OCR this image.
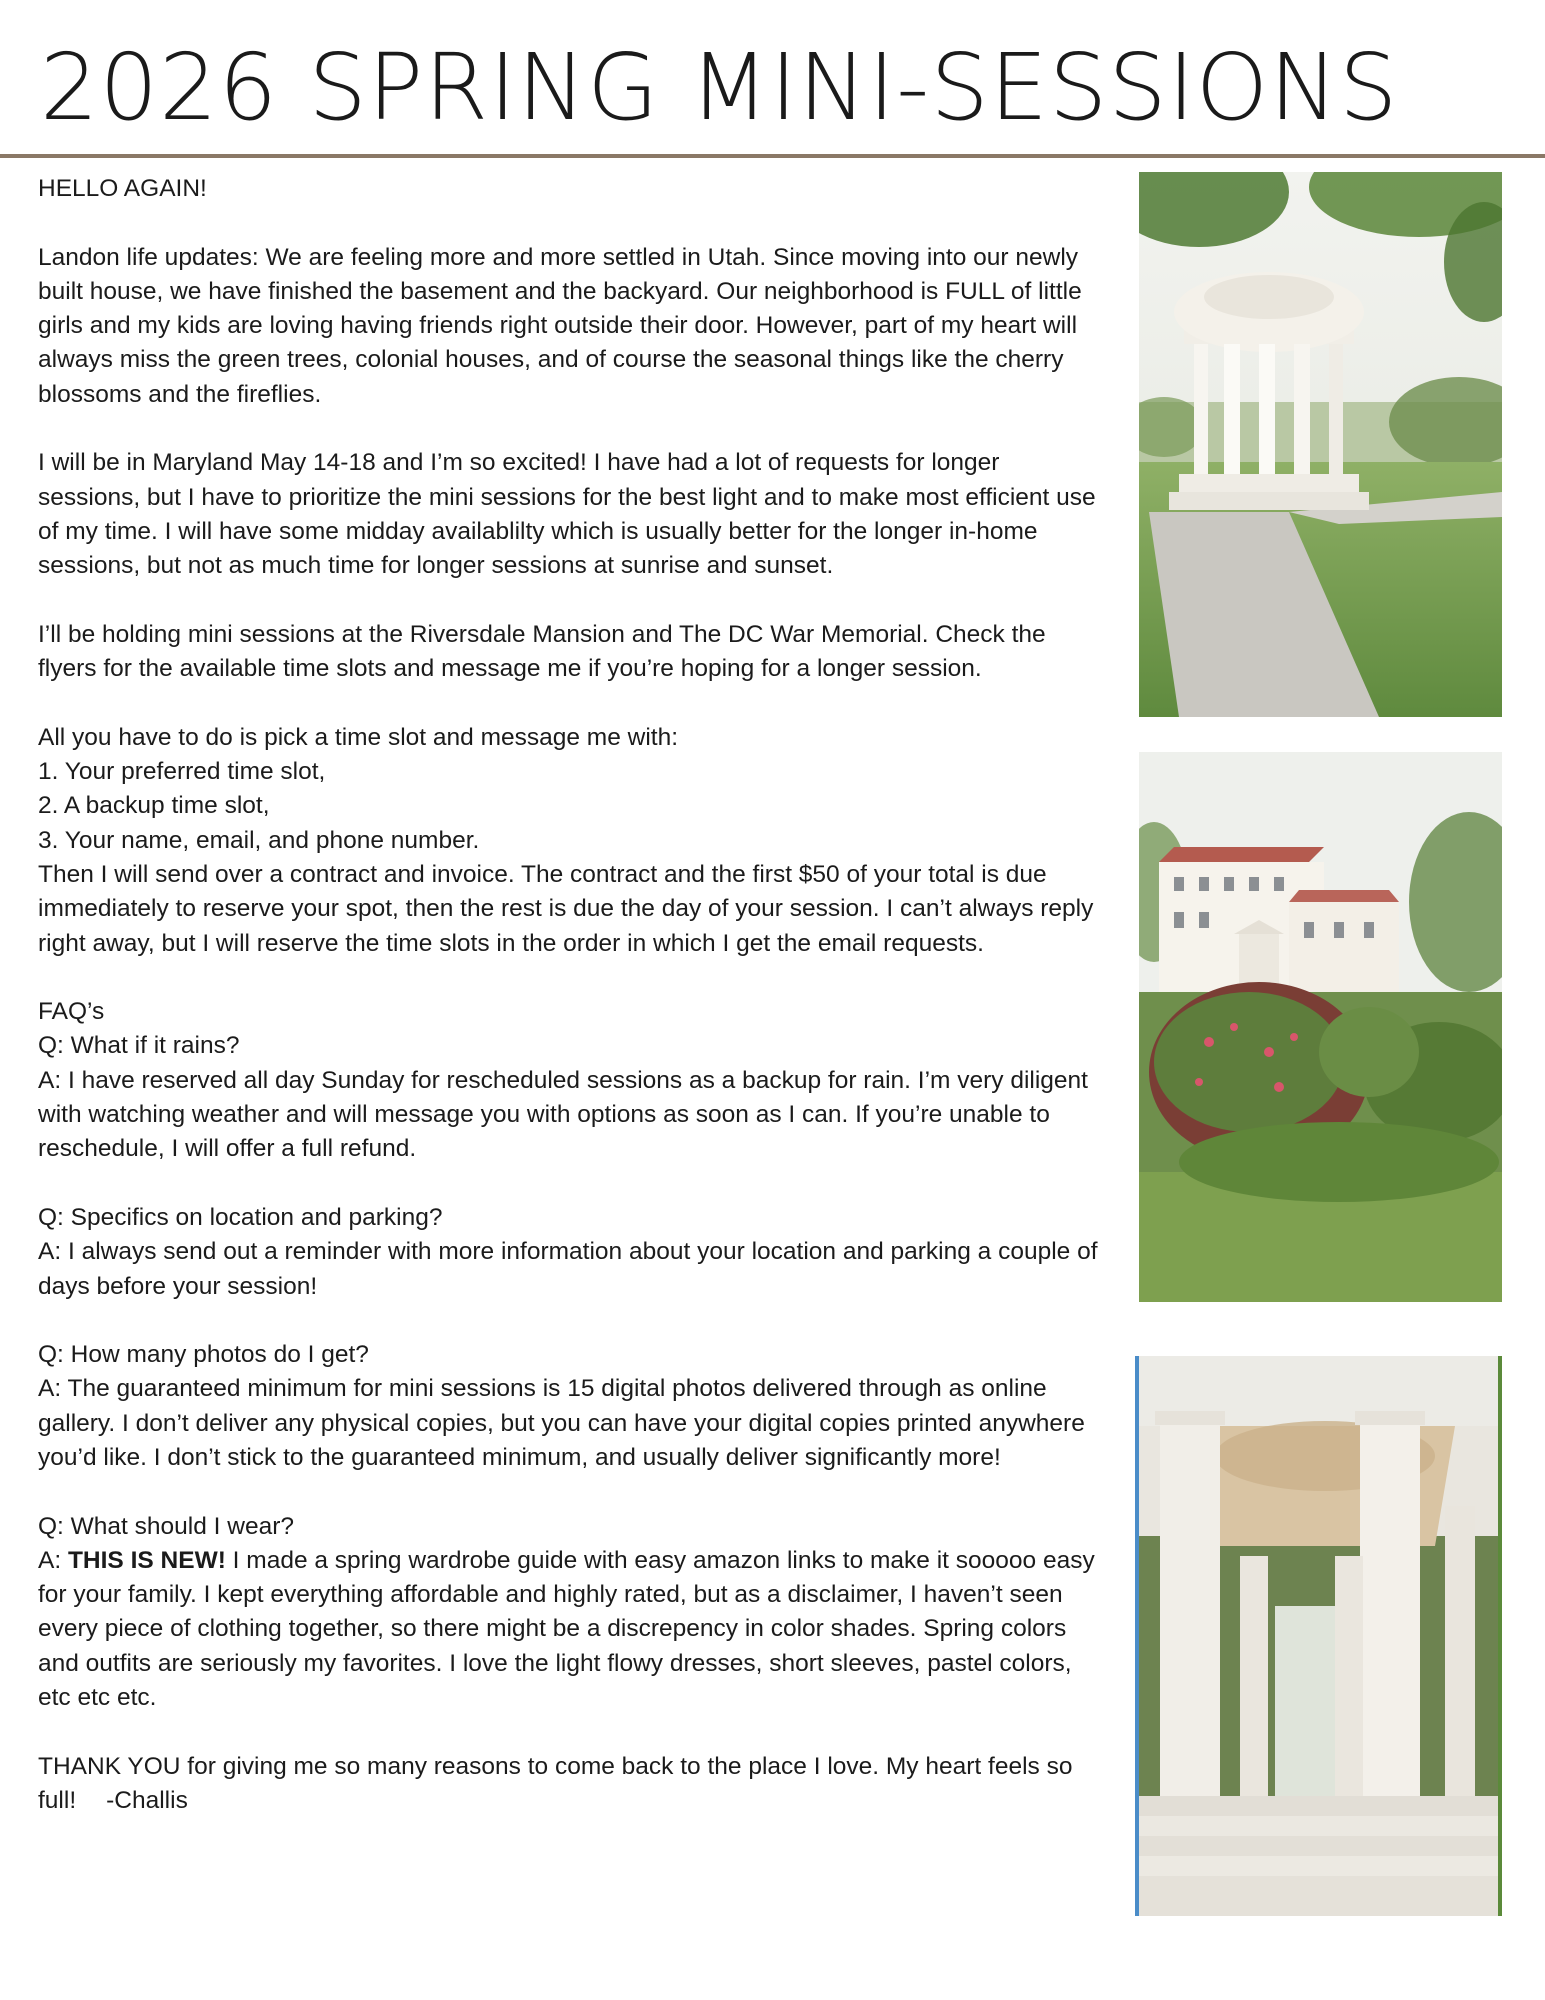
2026 SPRING MINI-SESSIONS

HELLO AGAIN!

Landon life updates: We are feeling more and more settled in Utah. Since moving into our newly built house, we have finished the basement and the backyard. Our neighborhood is FULL of little girls and my kids are loving having friends right outside their door. However, part of my heart will always miss the green trees, colonial houses, and of course the seasonal things like the cherry blossoms and the fireflies.

I will be in Maryland May 14-18 and I’m so excited! I have had a lot of requests for longer sessions, but I have to prioritize the mini sessions for the best light and to make most efficient use of my time. I will have some midday availablilty which is usually better for the longer in-home sessions, but not as much time for longer sessions at sunrise and sunset.

I’ll be holding mini sessions at the Riversdale Mansion and The DC War Memorial. Check the flyers for the available time slots and message me if you’re hoping for a longer session.

All you have to do is pick a time slot and message me with:

1. Your preferred time slot,

2. A backup time slot,

3. Your name, email, and phone number.

Then I will send over a contract and invoice. The contract and the first $50 of your total is due immediately to reserve your spot, then the rest is due the day of your session. I can’t always reply right away, but I will reserve the time slots in the order in which I get the email requests.

FAQ’s

Q: What if it rains?

A: I have reserved all day Sunday for rescheduled sessions as a backup for rain. I’m very diligent with watching weather and will message you with options as soon as I can. If you’re unable to reschedule, I will offer a full refund.

Q: Specifics on location and parking?

A: I always send out a reminder with more information about your location and parking a couple of days before your session!

Q: How many photos do I get?

A: The guaranteed minimum for mini sessions is 15 digital photos delivered through as online gallery. I don’t deliver any physical copies, but you can have your digital copies printed anywhere you’d like. I don’t stick to the guaranteed minimum, and usually deliver significantly more!

Q: What should I wear?

A: THIS IS NEW! I made a spring wardrobe guide with easy amazon links to make it sooooo easy for your family. I kept everything affordable and highly rated, but as a disclaimer, I haven’t seen every piece of clothing together, so there might be a discrepency in color shades. Spring colors and outfits are seriously my favorites. I love the light flowy dresses, short sleeves, pastel colors, etc etc etc.

THANK YOU for giving me so many reasons to come back to the place I love. My heart feels so full! -Challis
